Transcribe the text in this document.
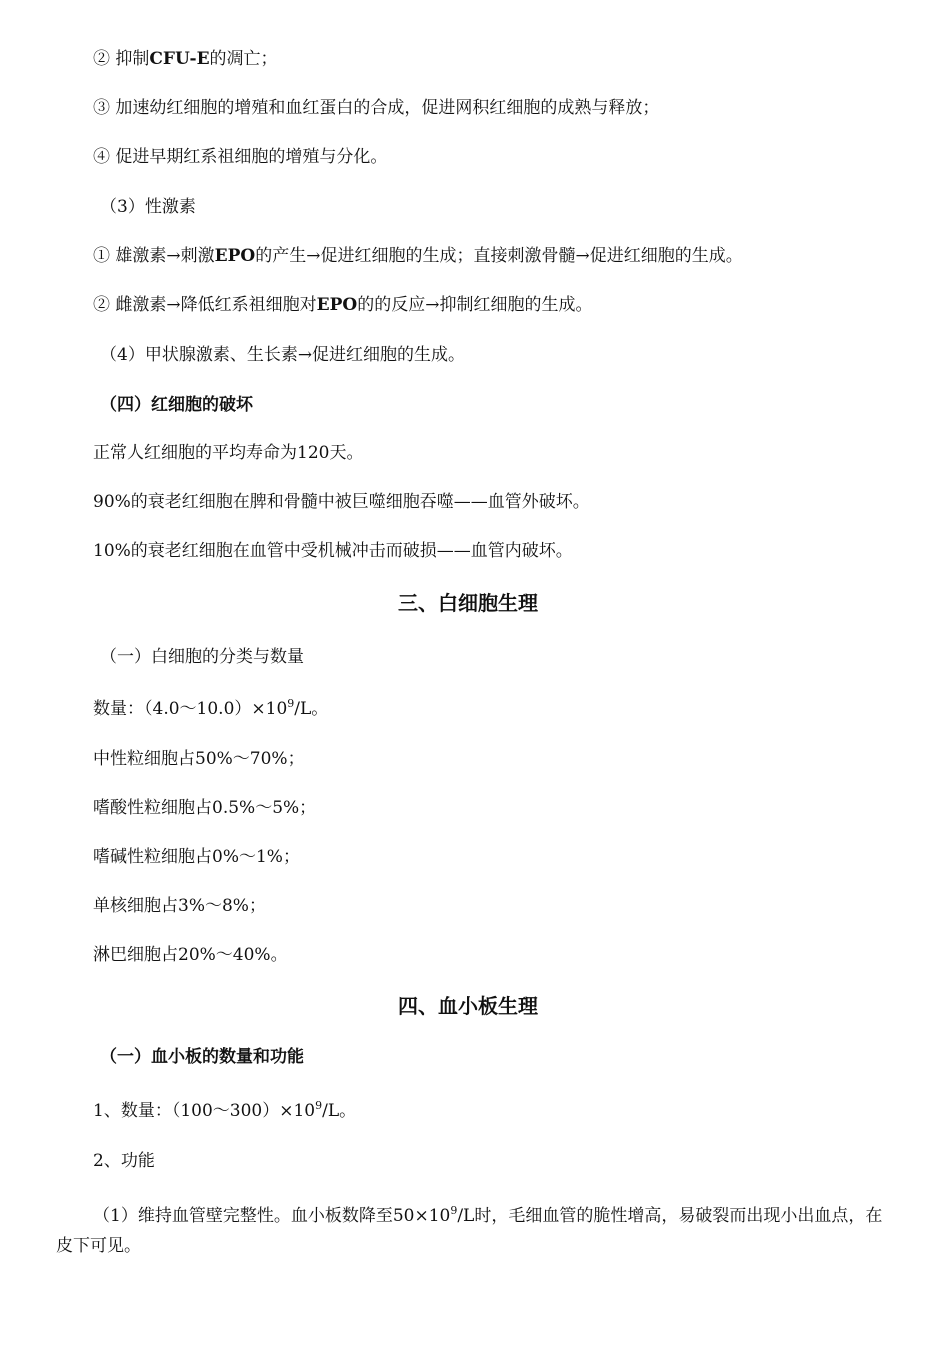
② 抑制CFU-E的凋亡；
③ 加速幼红细胞的增殖和血红蛋白的合成，促进网积红细胞的成熟与释放；
④ 促进早期红系祖细胞的增殖与分化。
（3）性激素
① 雄激素→刺激EPO的产生→促进红细胞的生成；直接刺激骨髓→促进红细胞的生成。
② 雌激素→降低红系祖细胞对EPO的的反应→抑制红细胞的生成。
（4）甲状腺激素、生长素→促进红细胞的生成。
（四）红细胞的破坏
正常人红细胞的平均寿命为120天。
90%的衰老红细胞在脾和骨髓中被巨噬细胞吞噬——血管外破坏。
10%的衰老红细胞在血管中受机械冲击而破损——血管内破坏。
三、白细胞生理
（一）白细胞的分类与数量
数量：$(4.0\sim 10.0)\times 10^9/L$。
中性粒细胞占50%～70%；
嗜酸性粒细胞占0.5%～5%；
嗜碱性粒细胞占0%～1%；
单核细胞占3%～8%；
淋巴细胞占20%～40%。
四、血小板生理
（一）血小板的数量和功能
1、数量：$(100\sim 300)\times 10^9/L$。
2、功能
（1）维持血管壁完整性。血小板数降至$50\times 10^9/L$时，毛细血管的脆性增高，易破裂而出现小出血点，在皮下可见。
